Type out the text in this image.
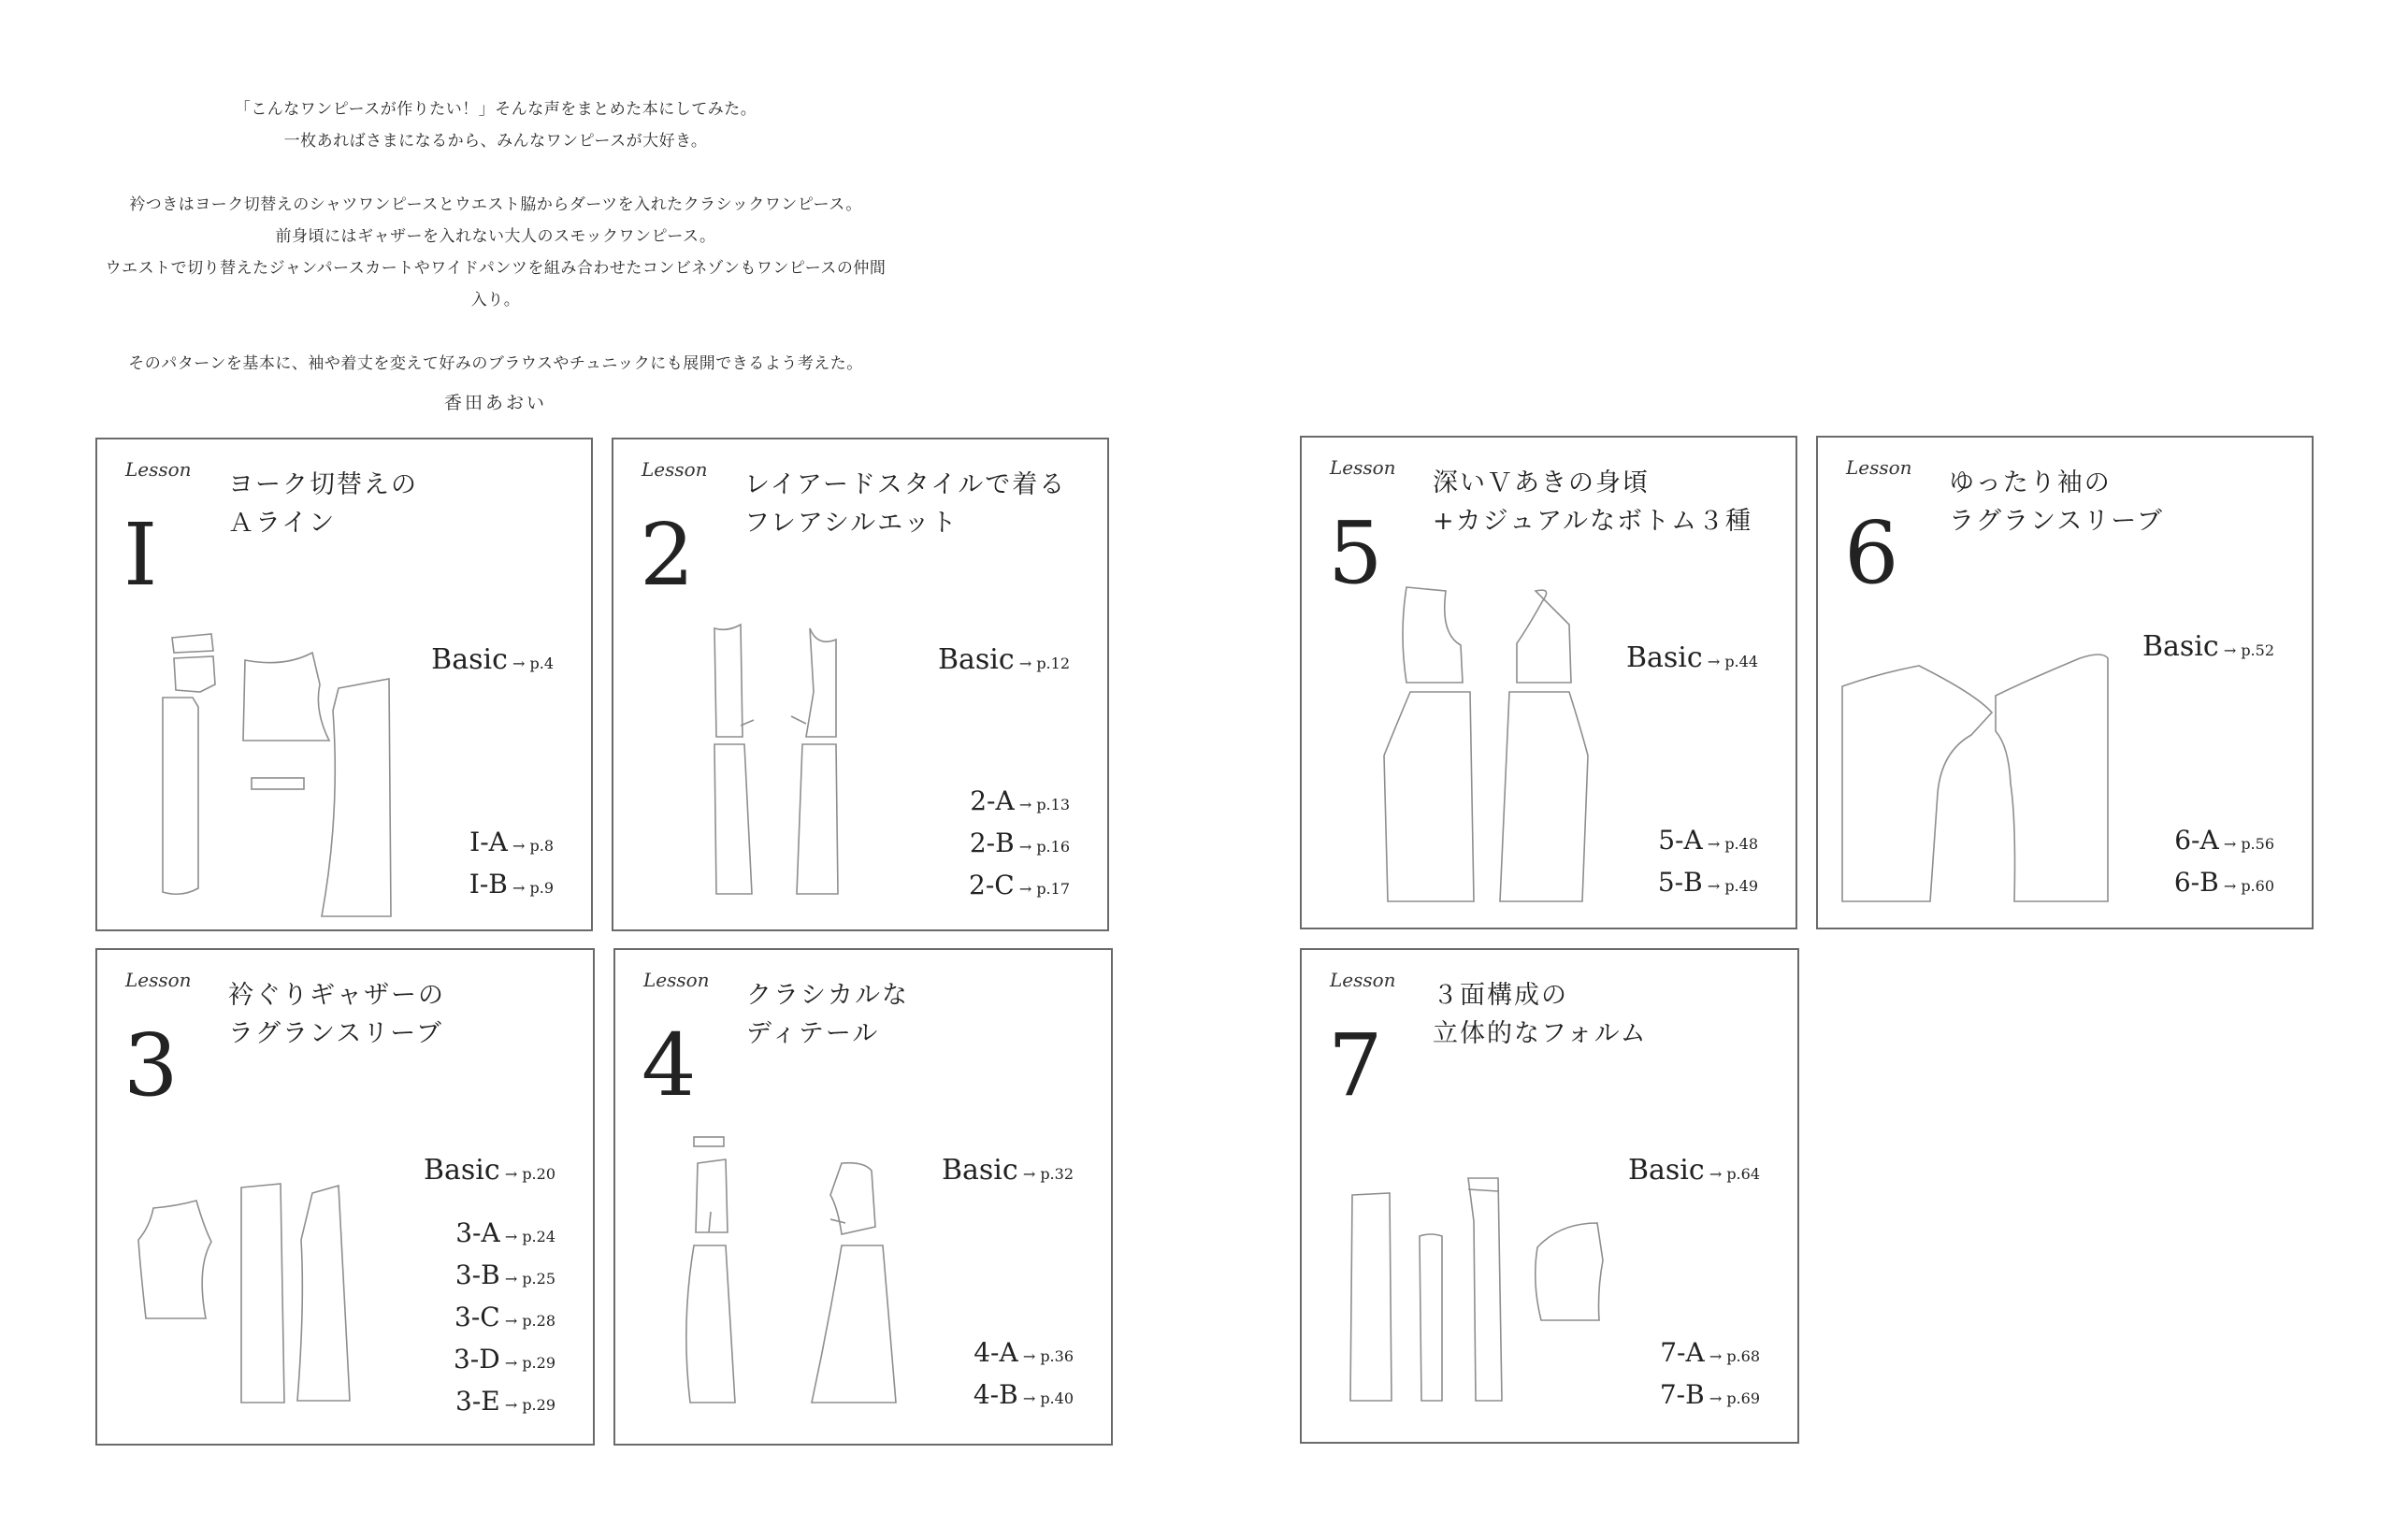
「こんなワンピースが作りたい！」そんな声をまとめた本にしてみた。
一枚あればさまになるから、みんなワンピースが大好き。
衿つきはヨーク切替えのシャツワンピースとウエスト脇からダーツを入れたクラシックワンピース。
前身頃にはギャザーを入れない大人のスモックワンピース。
ウエストで切り替えたジャンパースカートやワイドパンツを組み合わせたコンビネゾンもワンピースの仲間入り。
そのパターンを基本に、袖や着丈を変えて好みのブラウスやチュニックにも展開できるよう考えた。
香田あおい
Lesson
I
ヨーク切替えの
Ａライン
Basic → p.4
I-A → p.8
I-B → p.9
Lesson
2
レイアードスタイルで着る
フレアシルエット
Basic → p.12
2-A → p.13
2-B → p.16
2-C → p.17
Lesson
5
深いＶあきの身頃
+カジュアルなボトム３種
Basic → p.44
5-A → p.48
5-B → p.49
Lesson
6
ゆったり袖の
ラグランスリーブ
Basic → p.52
6-A → p.56
6-B → p.60
Lesson
3
衿ぐりギャザーの
ラグランスリーブ
Basic → p.20
3-A → p.24
3-B → p.25
3-C → p.28
3-D → p.29
3-E → p.29
Lesson
4
クラシカルな
ディテール
Basic → p.32
4-A → p.36
4-B → p.40
Lesson
7
３面構成の
立体的なフォルム
Basic → p.64
7-A → p.68
7-B → p.69
